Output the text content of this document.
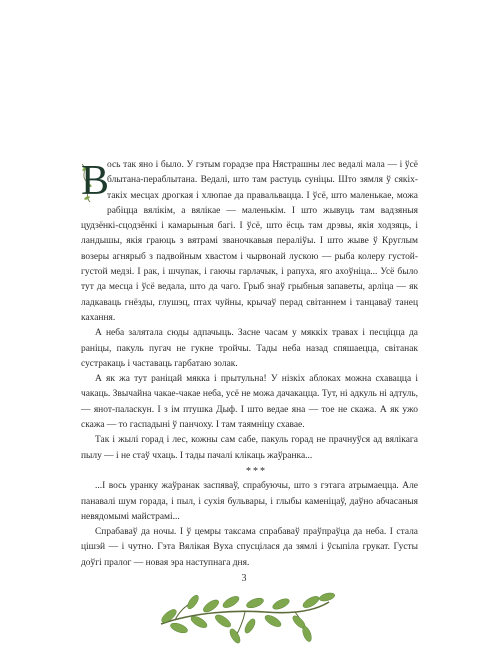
В
ось так яно і было. У гэтым горадзе пра Нястрашны лес ведалі мала — і ўсё блытана-пераблытана. Ведалі, што там растуць суніцы. Што зямля ў сякіх-такіх месцах дрогкая і хлюпае да правальвацца. І ўсё, што маленькае, можа рабіцца вялікім, а вялікае — маленькім. І што жывуць там вадзяныя цудзёнкі-сцодзёнкі і камарыныя багі. І ўсё, што ёсць там дрэвы, якія ходзяць, і ландышы, якія граюць з вятрамі званочкавыя пераліўы. І што жыве ў Круглым возеры агнярыб з падвойным хвастом і чырвонай лускою — рыба колеру густой-густой медзі. І рак, і шчупак, і гаючы гарлачык, і рапуха, яго ахоўніца... Усё было тут да месца і ўсё ведала, што да чаго. Грыб знаў грыбныя запаветы, арліца — як ладкаваць гнёзды, глушэц, птах чуйны, крычаў перад світаннем і танцаваў танец кахання.

А неба залятала сюды адпачыць. Засне часам у мяккіх травах і песціцца да раніцы, пакуль пугач не гукне тройчы. Тады неба назад спяшаецца, світанак сустракаць і частаваць гарбатаю золак.

А як жа тут раніцай мякка і прытульна! У нізкіх аблоках можна схавацца і чакаць. Звычайна чакае-чакае неба, усё не можа дачакацца. Тут, ні адкуль ні адтуль, — янот-паласкун. І з ім птушка Дыф. І што ведае яна — тое не скажа. А як ужо скажа — то гаспадыні ў панчоху. І там таямніцу схавае.

Так і жылі горад і лес, кожны сам сабе, пакуль горад не прачнуўся ад вялікага пылу — і не стаў чхаць. І тады пачалі клікаць жаўранка...

***

...І вось уранку жаўранак заспяваў, спрабуючы, што з гэтага атрымаецца. Але панавалі шум горада, і пыл, і сухія бульвары, і глыбы каменіцаў, даўно абчасаныя невядомымі майстрамі...

Спрабаваў да ночы. І ў цемры таксама спрабаваў праўпраўца да неба. І стала цішэй — і чутно. Гэта Вялікая Вуха спусцілася да зямлі і ўсыпіла грукат. Густы доўгі пралог — новая эра наступнага дня.

3
